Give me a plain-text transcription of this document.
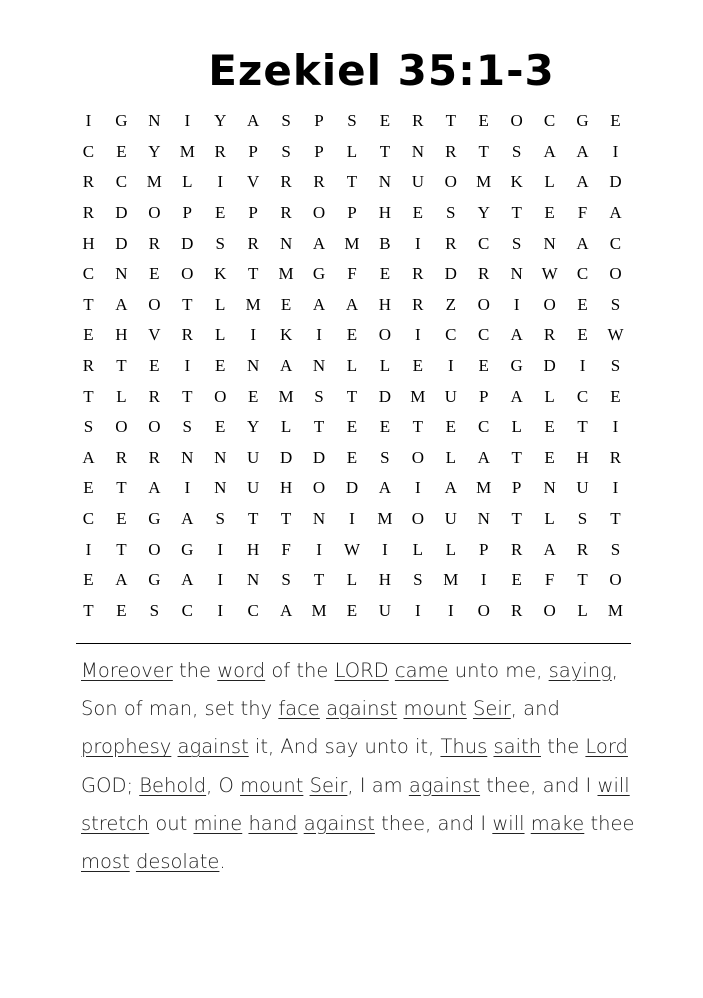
Ezekiel 35:1-3
I	G	N	I	Y	A	S	P	S	E	R	T	E	O	C	G	E
C	E	Y	M	R	P	S	P	L	T	N	R	T	S	A	A	I
R	C	M	L	I	V	R	R	T	N	U	O	M	K	L	A	D
R	D	O	P	E	P	R	O	P	H	E	S	Y	T	E	F	A
H	D	R	D	S	R	N	A	M	B	I	R	C	S	N	A	C
C	N	E	O	K	T	M	G	F	E	R	D	R	N	W	C	O
T	A	O	T	L	M	E	A	A	H	R	Z	O	I	O	E	S
E	H	V	R	L	I	K	I	E	O	I	C	C	A	R	E	W
R	T	E	I	E	N	A	N	L	L	E	I	E	G	D	I	S
T	L	R	T	O	E	M	S	T	D	M	U	P	A	L	C	E
S	O	O	S	E	Y	L	T	E	E	T	E	C	L	E	T	I
A	R	R	N	N	U	D	D	E	S	O	L	A	T	E	H	R
E	T	A	I	N	U	H	O	D	A	I	A	M	P	N	U	I
C	E	G	A	S	T	T	N	I	M	O	U	N	T	L	S	T
I	T	O	G	I	H	F	I	W	I	L	L	P	R	A	R	S
E	A	G	A	I	N	S	T	L	H	S	M	I	E	F	T	O
T	E	S	C	I	C	A	M	E	U	I	I	O	R	O	L	M
Moreover the word of the LORD came unto me, saying, Son of man, set thy face against mount Seir, and prophesy against it, And say unto it, Thus saith the Lord GOD; Behold, O mount Seir, I am against thee, and I will stretch out mine hand against thee, and I will make thee most desolate.
